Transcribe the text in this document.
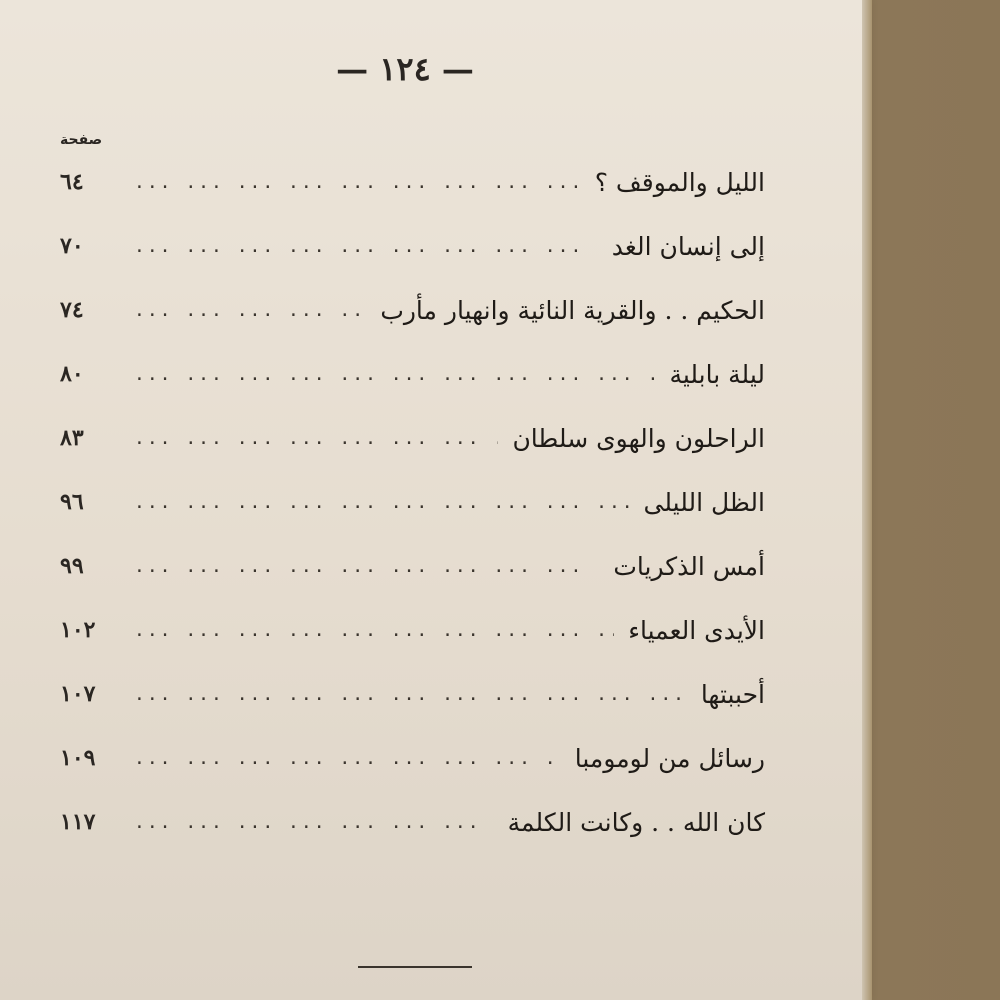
— ١٢٤ —
صفحة
٦٤ ... .	الليل والموقف ؟
٧٠ ... .	إلى إنسان الغد
٧٤ ... .	الحكيم . . والقرية النائية وانهيار مأرب
٨٠ ... .	ليلة بابلية
٨٣ ... .	الراحلون والهوى سلطان
٩٦ ... .	الظل الليلى
٩٩ ... .	أمس الذكريات
١٠٢ ... .	الأيدى العمياء
١٠٧ ... .	أحببتها
١٠٩ ... .	رسائل من لومومبا
١١٧ ... .	كان الله . . وكانت الكلمة
